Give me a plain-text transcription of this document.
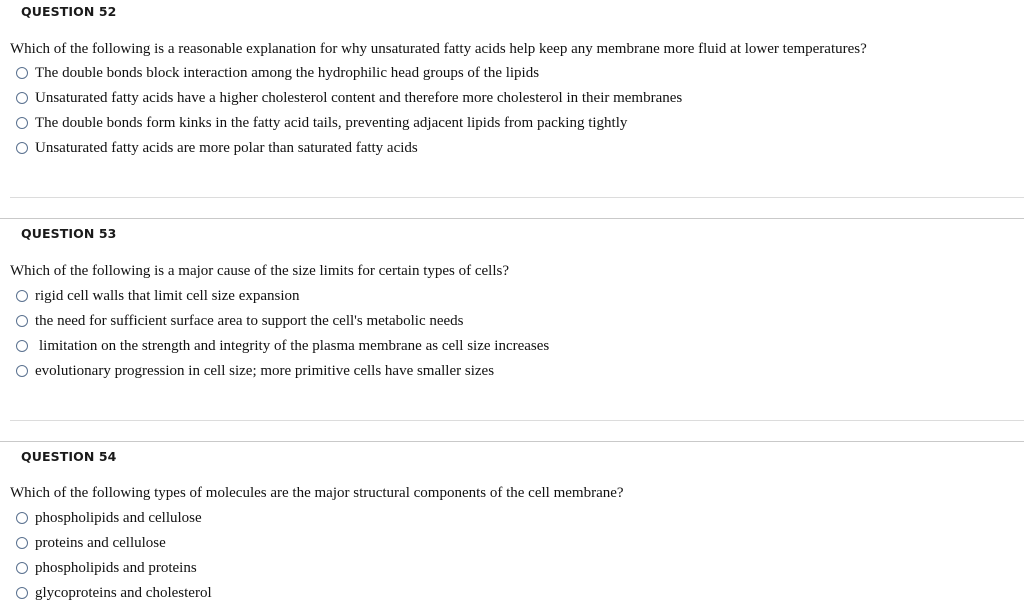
QUESTION 52
Which of the following is a reasonable explanation for why unsaturated fatty acids help keep any membrane more fluid at lower temperatures?
The double bonds block interaction among the hydrophilic head groups of the lipids
Unsaturated fatty acids have a higher cholesterol content and therefore more cholesterol in their membranes
The double bonds form kinks in the fatty acid tails, preventing adjacent lipids from packing tightly
Unsaturated fatty acids are more polar than saturated fatty acids
QUESTION 53
Which of the following is a major cause of the size limits for certain types of cells?
rigid cell walls that limit cell size expansion
the need for sufficient surface area to support the cell's metabolic needs
limitation on the strength and integrity of the plasma membrane as cell size increases
evolutionary progression in cell size; more primitive cells have smaller sizes
QUESTION 54
Which of the following types of molecules are the major structural components of the cell membrane?
phospholipids and cellulose
proteins and cellulose
phospholipids and proteins
glycoproteins and cholesterol
